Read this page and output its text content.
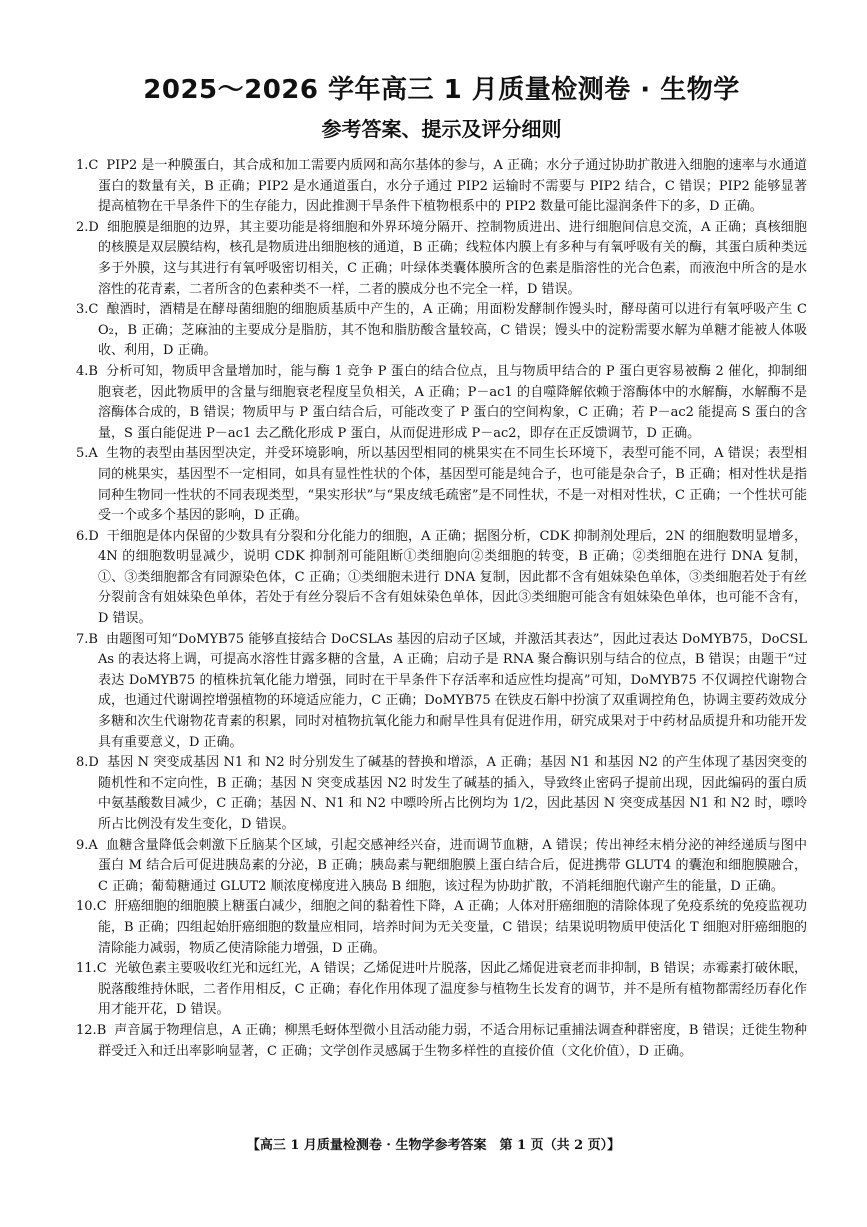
2025～2026 学年高三 1 月质量检测卷 · 生物学
参考答案、提示及评分细则
1.C PIP2 是一种膜蛋白，其合成和加工需要内质网和高尔基体的参与，A 正确；水分子通过协助扩散进入细胞的速率与水通道蛋白的数量有关，B 正确；PIP2 是水通道蛋白，水分子通过 PIP2 运输时不需要与 PIP2 结合，C 错误；PIP2 能够显著提高植物在干旱条件下的生存能力，因此推测干旱条件下植物根系中的 PIP2 数量可能比湿润条件下的多，D 正确。
2.D 细胞膜是细胞的边界，其主要功能是将细胞和外界环境分隔开、控制物质进出、进行细胞间信息交流，A 正确；真核细胞的核膜是双层膜结构，核孔是物质进出细胞核的通道，B 正确；线粒体内膜上有多种与有氧呼吸有关的酶，其蛋白质种类远多于外膜，这与其进行有氧呼吸密切相关，C 正确；叶绿体类囊体膜所含的色素是脂溶性的光合色素，而液泡中所含的是水溶性的花青素，二者所含的色素种类不一样，二者的膜成分也不完全一样，D 错误。
3.C 酿酒时，酒精是在酵母菌细胞的细胞质基质中产生的，A 正确；用面粉发酵制作馒头时，酵母菌可以进行有氧呼吸产生 CO₂，B 正确；芝麻油的主要成分是脂肪，其不饱和脂肪酸含量较高，C 错误；馒头中的淀粉需要水解为单糖才能被人体吸收、利用，D 正确。
4.B 分析可知，物质甲含量增加时，能与酶 1 竞争 P 蛋白的结合位点，且与物质甲结合的 P 蛋白更容易被酶 2 催化，抑制细胞衰老，因此物质甲的含量与细胞衰老程度呈负相关，A 正确；P－ac1 的自噬降解依赖于溶酶体中的水解酶，水解酶不是溶酶体合成的，B 错误；物质甲与 P 蛋白结合后，可能改变了 P 蛋白的空间构象，C 正确；若 P－ac2 能提高 S 蛋白的含量，S 蛋白能促进 P－ac1 去乙酰化形成 P 蛋白，从而促进形成 P－ac2，即存在正反馈调节，D 正确。
5.A 生物的表型由基因型决定，并受环境影响，所以基因型相同的桃果实在不同生长环境下，表型可能不同，A 错误；表型相同的桃果实，基因型不一定相同，如具有显性性状的个体，基因型可能是纯合子，也可能是杂合子，B 正确；相对性状是指同种生物同一性状的不同表现类型，“果实形状”与“果皮绒毛疏密”是不同性状，不是一对相对性状，C 正确；一个性状可能受一个或多个基因的影响，D 正确。
6.D 干细胞是体内保留的少数具有分裂和分化能力的细胞，A 正确；据图分析，CDK 抑制剂处理后，2N 的细胞数明显增多，4N 的细胞数明显减少，说明 CDK 抑制剂可能阻断①类细胞向②类细胞的转变，B 正确；②类细胞在进行 DNA 复制，①、③类细胞都含有同源染色体，C 正确；①类细胞未进行 DNA 复制，因此都不含有姐妹染色单体，③类细胞若处于有丝分裂前含有姐妹染色单体，若处于有丝分裂后不含有姐妹染色单体，因此③类细胞可能含有姐妹染色单体，也可能不含有，D 错误。
7.B 由题图可知“DoMYB75 能够直接结合 DoCSLAs 基因的启动子区域，并激活其表达”，因此过表达 DoMYB75，DoCSLAs 的表达将上调，可提高水溶性甘露多糖的含量，A 正确；启动子是 RNA 聚合酶识别与结合的位点，B 错误；由题干“过表达 DoMYB75 的植株抗氧化能力增强，同时在干旱条件下存活率和适应性均提高”可知，DoMYB75 不仅调控代谢物合成，也通过代谢调控增强植物的环境适应能力，C 正确；DoMYB75 在铁皮石斛中扮演了双重调控角色，协调主要药效成分多糖和次生代谢物花青素的积累，同时对植物抗氧化能力和耐旱性具有促进作用，研究成果对于中药材品质提升和功能开发具有重要意义，D 正确。
8.D 基因 N 突变成基因 N1 和 N2 时分别发生了碱基的替换和增添，A 正确；基因 N1 和基因 N2 的产生体现了基因突变的随机性和不定向性，B 正确；基因 N 突变成基因 N2 时发生了碱基的插入，导致终止密码子提前出现，因此编码的蛋白质中氨基酸数目减少，C 正确；基因 N、N1 和 N2 中嘌呤所占比例均为 1/2，因此基因 N 突变成基因 N1 和 N2 时，嘌呤所占比例没有发生变化，D 错误。
9.A 血糖含量降低会刺激下丘脑某个区域，引起交感神经兴奋，进而调节血糖，A 错误；传出神经末梢分泌的神经递质与图中蛋白 M 结合后可促进胰岛素的分泌，B 正确；胰岛素与靶细胞膜上蛋白结合后，促进携带 GLUT4 的囊泡和细胞膜融合，C 正确；葡萄糖通过 GLUT2 顺浓度梯度进入胰岛 B 细胞，该过程为协助扩散，不消耗细胞代谢产生的能量，D 正确。
10.C 肝癌细胞的细胞膜上糖蛋白减少，细胞之间的黏着性下降，A 正确；人体对肝癌细胞的清除体现了免疫系统的免疫监视功能，B 正确；四组起始肝癌细胞的数量应相同，培养时间为无关变量，C 错误；结果说明物质甲使活化 T 细胞对肝癌细胞的清除能力减弱，物质乙使清除能力增强，D 正确。
11.C 光敏色素主要吸收红光和远红光，A 错误；乙烯促进叶片脱落，因此乙烯促进衰老而非抑制，B 错误；赤霉素打破休眠，脱落酸维持休眠，二者作用相反，C 正确；春化作用体现了温度参与植物生长发育的调节，并不是所有植物都需经历春化作用才能开花，D 错误。
12.B 声音属于物理信息，A 正确；柳黑毛蚜体型微小且活动能力弱，不适合用标记重捕法调查种群密度，B 错误；迁徙生物种群受迁入和迁出率影响显著，C 正确；文学创作灵感属于生物多样性的直接价值（文化价值），D 正确。
【高三 1 月质量检测卷 · 生物学参考答案　第 1 页（共 2 页）】
